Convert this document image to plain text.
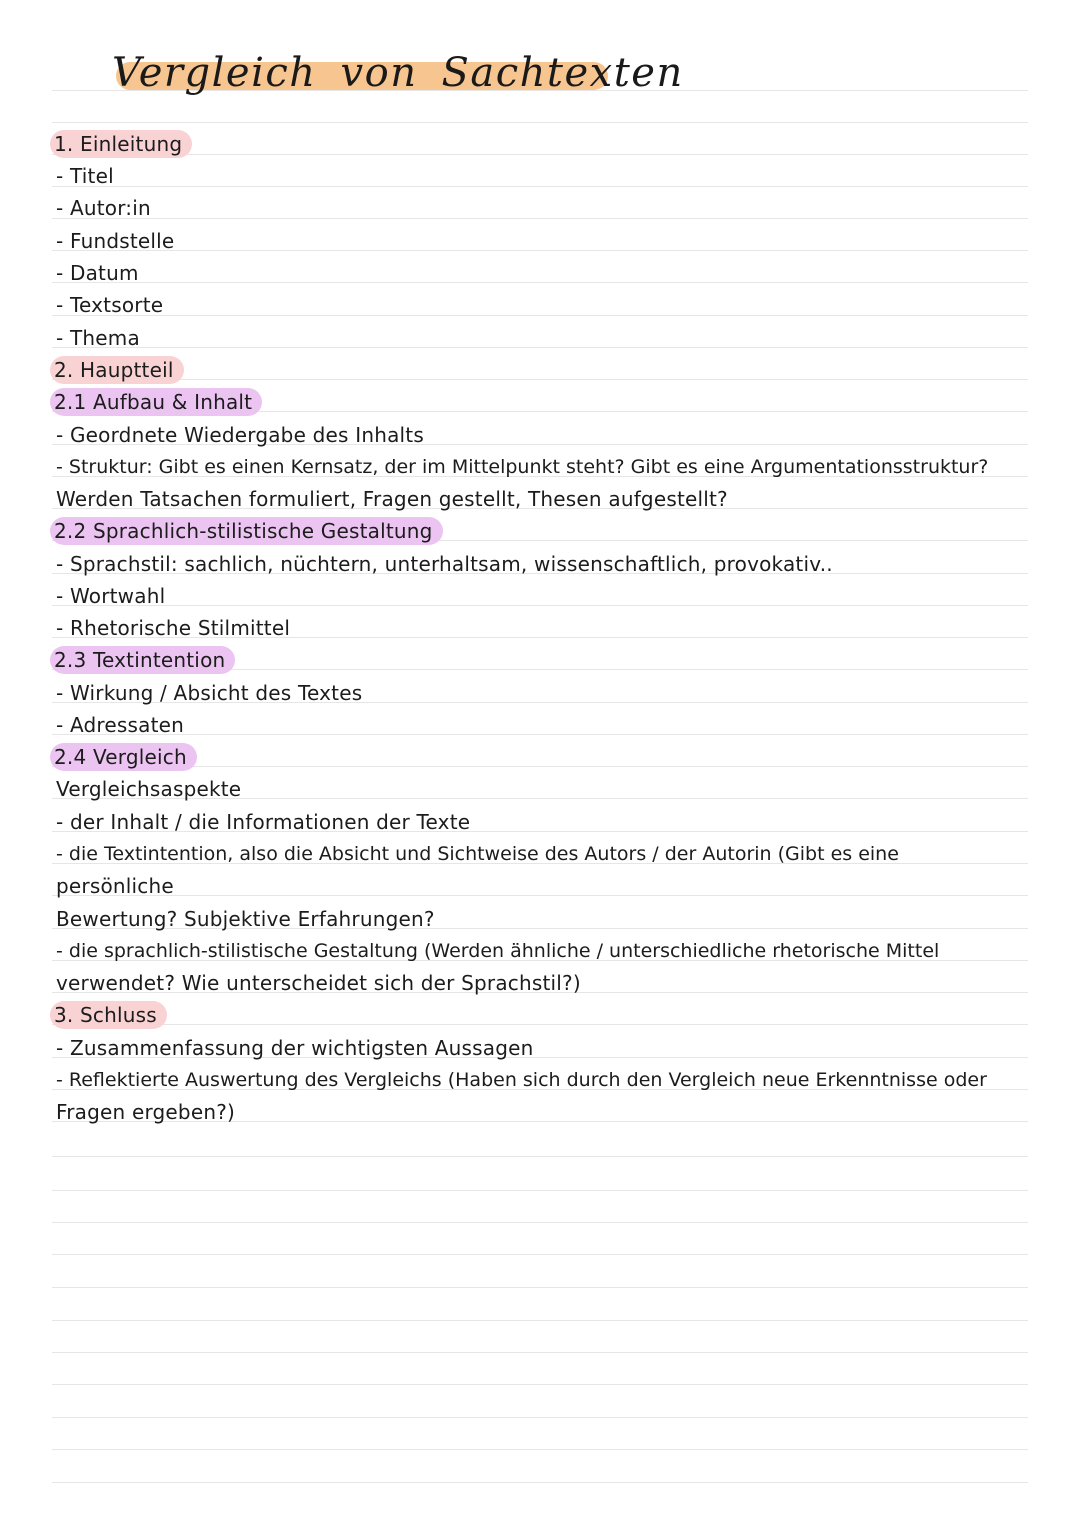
Vergleich von Sachtexten
1. Einleitung
- Titel
- Autor:in
- Fundstelle
- Datum
- Textsorte
- Thema
2. Hauptteil
2.1 Aufbau & Inhalt
- Geordnete Wiedergabe des Inhalts
- Struktur: Gibt es einen Kernsatz, der im Mittelpunkt steht? Gibt es eine Argumentationsstruktur?
Werden Tatsachen formuliert, Fragen gestellt, Thesen aufgestellt?
2.2 Sprachlich-stilistische Gestaltung
- Sprachstil: sachlich, nüchtern, unterhaltsam, wissenschaftlich, provokativ..
- Wortwahl
- Rhetorische Stilmittel
2.3 Textintention
- Wirkung / Absicht des Textes
- Adressaten
2.4 Vergleich
Vergleichsaspekte
- der Inhalt / die Informationen der Texte
- die Textintention, also die Absicht und Sichtweise des Autors / der Autorin (Gibt es eine
persönliche
Bewertung? Subjektive Erfahrungen?
- die sprachlich-stilistische Gestaltung (Werden ähnliche / unterschiedliche rhetorische Mittel
verwendet? Wie unterscheidet sich der Sprachstil?)
3. Schluss
- Zusammenfassung der wichtigsten Aussagen
- Reflektierte Auswertung des Vergleichs (Haben sich durch den Vergleich neue Erkenntnisse oder
Fragen ergeben?)
